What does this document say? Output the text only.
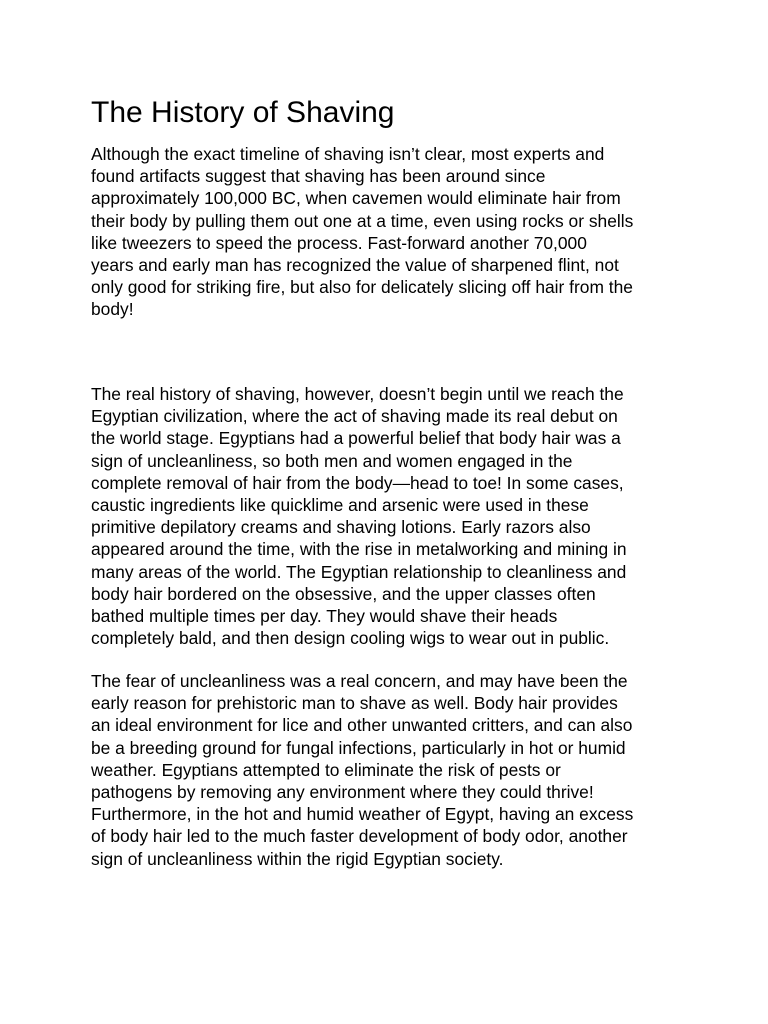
The History of Shaving

Although the exact timeline of shaving isn’t clear, most experts and
found artifacts suggest that shaving has been around since
approximately 100,000 BC, when cavemen would eliminate hair from
their body by pulling them out one at a time, even using rocks or shells
like tweezers to speed the process. Fast-forward another 70,000
years and early man has recognized the value of sharpened flint, not
only good for striking fire, but also for delicately slicing off hair from the
body!

The real history of shaving, however, doesn’t begin until we reach the
Egyptian civilization, where the act of shaving made its real debut on
the world stage. Egyptians had a powerful belief that body hair was a
sign of uncleanliness, so both men and women engaged in the
complete removal of hair from the body—head to toe! In some cases,
caustic ingredients like quicklime and arsenic were used in these
primitive depilatory creams and shaving lotions. Early razors also
appeared around the time, with the rise in metalworking and mining in
many areas of the world. The Egyptian relationship to cleanliness and
body hair bordered on the obsessive, and the upper classes often
bathed multiple times per day. They would shave their heads
completely bald, and then design cooling wigs to wear out in public.

The fear of uncleanliness was a real concern, and may have been the
early reason for prehistoric man to shave as well. Body hair provides
an ideal environment for lice and other unwanted critters, and can also
be a breeding ground for fungal infections, particularly in hot or humid
weather. Egyptians attempted to eliminate the risk of pests or
pathogens by removing any environment where they could thrive!
Furthermore, in the hot and humid weather of Egypt, having an excess
of body hair led to the much faster development of body odor, another
sign of uncleanliness within the rigid Egyptian society.
